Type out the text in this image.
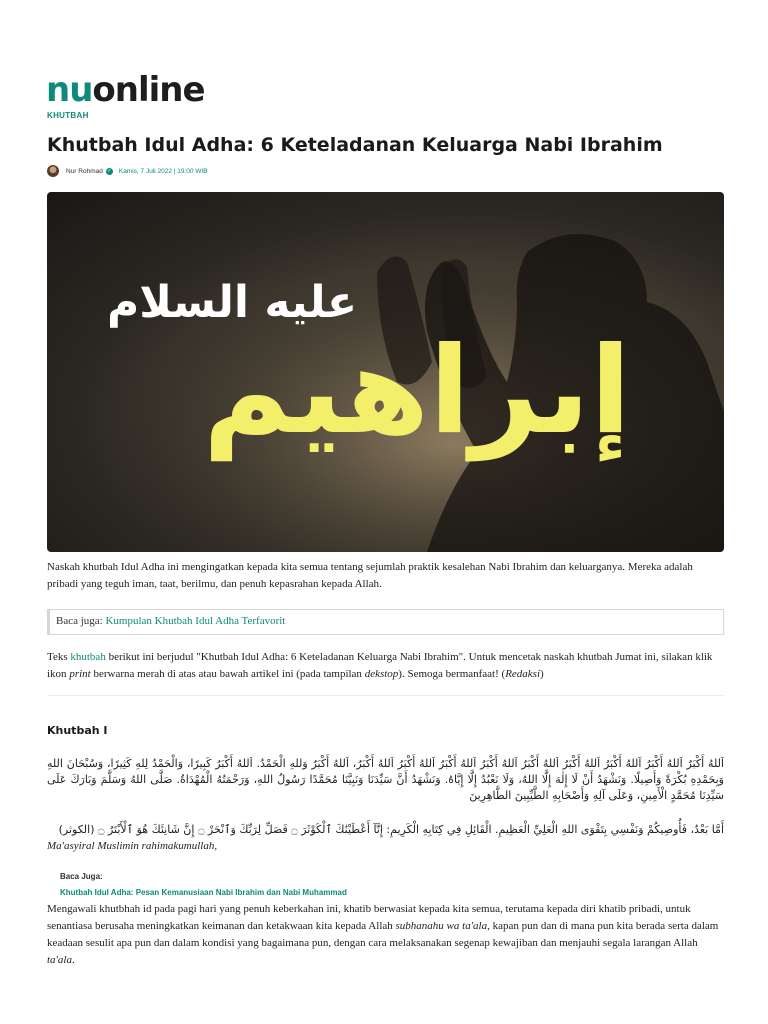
nuonline
KHUTBAH
Khutbah Idul Adha: 6 Keteladanan Keluarga Nabi Ibrahim
Nur Rohmad ✓ Kamis, 7 Juli 2022 | 19:00 WIB
عليه السلام
إبراهيم

Naskah khutbah Idul Adha ini mengingatkan kepada kita semua tentang sejumlah praktik kesalehan Nabi Ibrahim dan keluarganya. Mereka adalah pribadi yang teguh iman, taat, berilmu, dan penuh kepasrahan kepada Allah.

Baca juga: Kumpulan Khutbah Idul Adha Terfavorit

Teks khutbah berikut ini berjudul "Khutbah Idul Adha: 6 Keteladanan Keluarga Nabi Ibrahim". Untuk mencetak naskah khutbah Jumat ini, silakan klik ikon print berwarna merah di atas atau bawah artikel ini (pada tampilan dekstop). Semoga bermanfaat! (Redaksi)

Khutbah I

اَللهُ أَكْبَرُ اَللهُ أَكْبَرُ اَللهُ أَكْبَرُ اَللهُ أَكْبَرُ اَللهُ أَكْبَرُ اَللهُ أَكْبَرُ اَللهُ أَكْبَرُ اَللهُ أَكْبَرُ اَللهُ أَكْبَرُ، اَللهُ أَكْبَرُ وَللهِ الْحَمْدُ. اَللهُ أَكْبَرُ كَبِيرًا، وَالْحَمْدُ لِلهِ كَثِيرًا، وَسُبْحَانَ اللهِ وَبِحَمْدِهِ بُكْرَةً وَأَصِيلًا. وَنَشْهَدُ أَنْ لَا إِلٰهَ إِلَّا اللهُ، وَلَا نَعْبُدُ إِلَّا إِيَّاهُ. وَنَشْهَدُ أَنَّ سَيِّدَنَا وَنَبِيَّنَا مُحَمَّدًا رَسُولُ اللهِ، وَرَحْمَتُهُ الْمُهْدَاةُ. صَلَّى اللهُ وَسَلَّمَ وَبَارَكَ عَلَى سَيِّدِنَا مُحَمَّدٍ الْأَمِينِ، وَعَلَى آلِهِ وَأَصْحَابِهِ الطَّيِّبِينَ الطَّاهِرِينَ

أَمَّا بَعْدُ، فَأُوصِيكُمْ وَنَفْسِي بِتَقْوَى اللهِ الْعَلِيِّ الْعَظِيمِ. الْقَائِلِ فِي كِتَابِهِ الْكَرِيمِ: إِنَّآ أَعْطَيْنَٰكَ ٱلْكَوْثَرَ ۝ فَصَلِّ لِرَبِّكَ وَٱنْحَرْ ۝ إِنَّ شَانِئَكَ هُوَ ٱلْأَبْتَرُ ۝ (الكوثر)

Ma'asyiral Muslimin rahimakumullah,

Baca Juga:
Khutbah Idul Adha: Pesan Kemanusiaan Nabi Ibrahim dan Nabi Muhammad

Mengawali khutbhah id pada pagi hari yang penuh keberkahan ini, khatib berwasiat kepada kita semua, terutama kepada diri khatib pribadi, untuk senantiasa berusaha meningkatkan keimanan dan ketakwaan kita kepada Allah subhanahu wa ta'ala, kapan pun dan di mana pun kita berada serta dalam keadaan sesulit apa pun dan dalam kondisi yang bagaimana pun, dengan cara melaksanakan segenap kewajiban dan menjauhi segala larangan Allah ta'ala.
